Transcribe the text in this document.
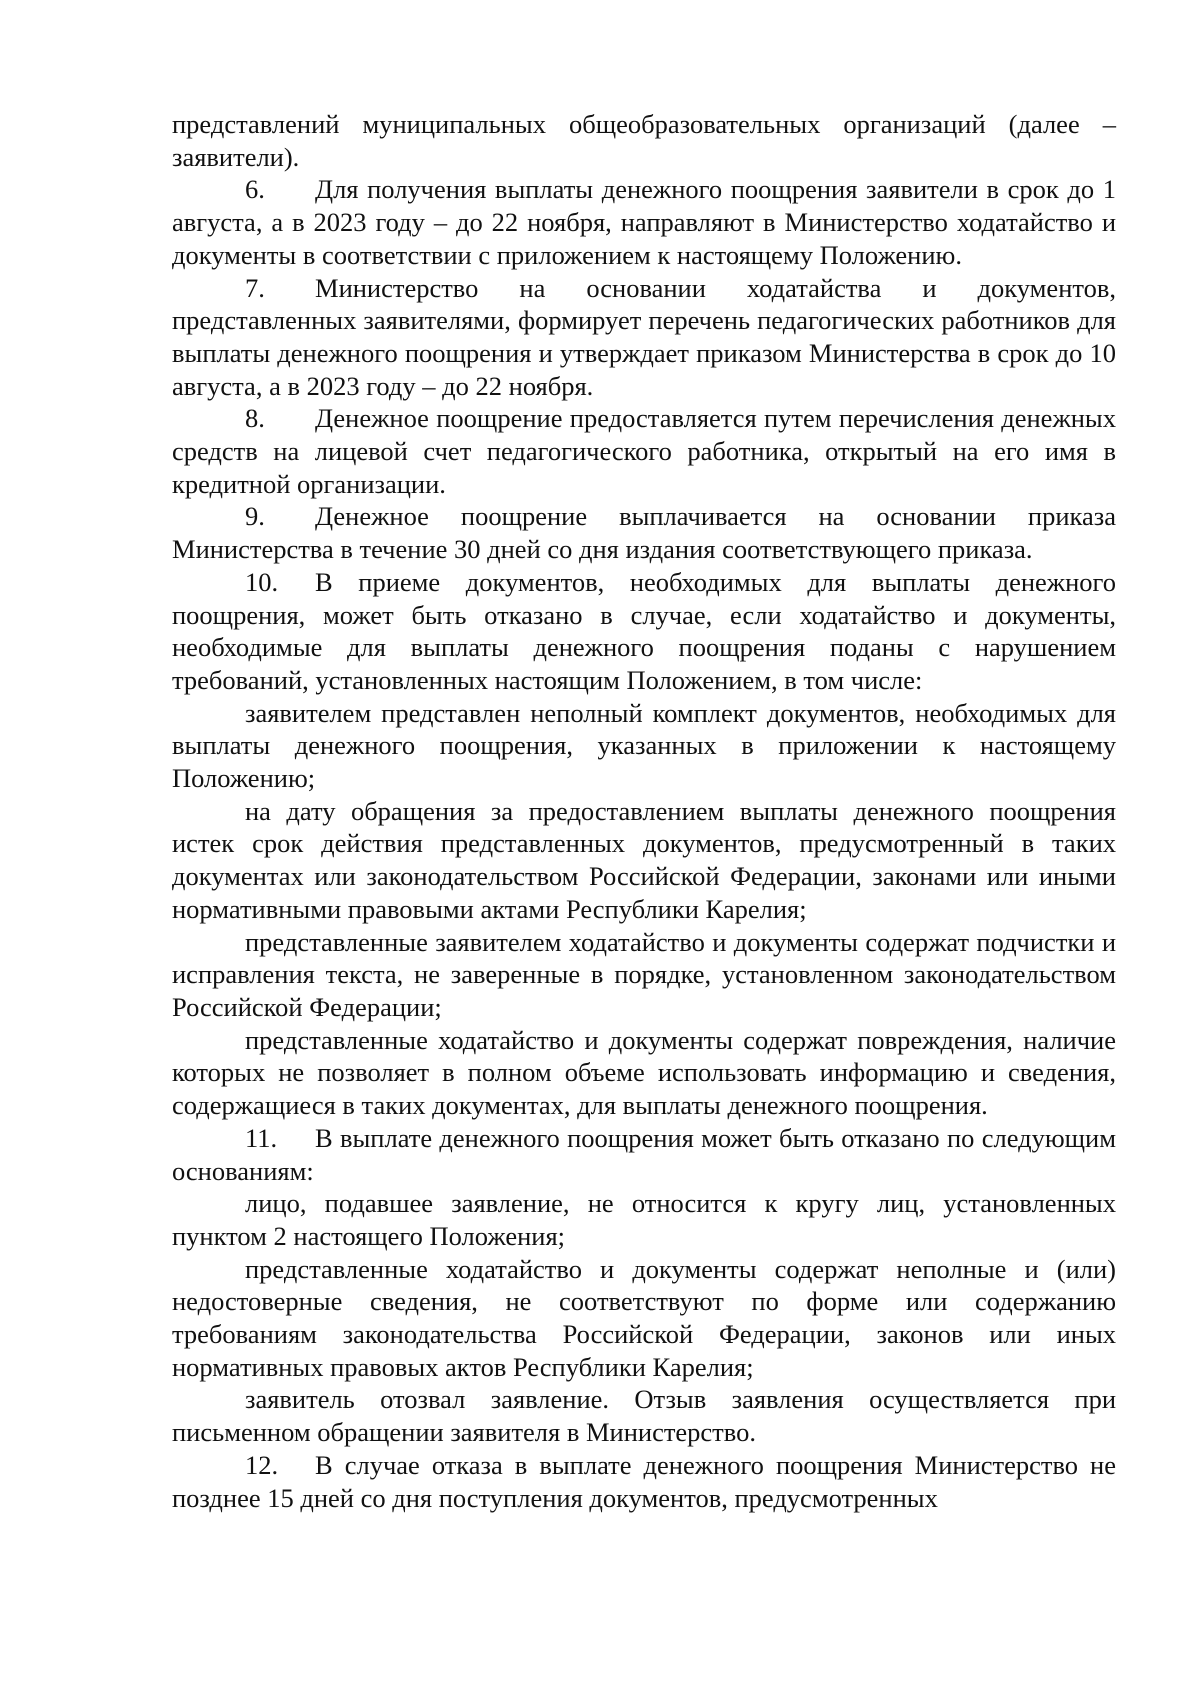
представлений муниципальных общеобразовательных организаций (далее – заявители).

6. Для получения выплаты денежного поощрения заявители в срок до 1 августа, а в 2023 году – до 22 ноября, направляют в Министерство ходатайство и документы в соответствии с приложением к настоящему Положению.

7. Министерство на основании ходатайства и документов, представленных заявителями, формирует перечень педагогических работников для выплаты денежного поощрения и утверждает приказом Министерства в срок до 10 августа, а в 2023 году – до 22 ноября.

8. Денежное поощрение предоставляется путем перечисления денежных средств на лицевой счет педагогического работника, открытый на его имя в кредитной организации.

9. Денежное поощрение выплачивается на основании приказа Министерства в течение 30 дней со дня издания соответствующего приказа.

10. В приеме документов, необходимых для выплаты денежного поощрения, может быть отказано в случае, если ходатайство и документы, необходимые для выплаты денежного поощрения поданы с нарушением требований, установленных настоящим Положением, в том числе:

заявителем представлен неполный комплект документов, необходимых для выплаты денежного поощрения, указанных в приложении к настоящему Положению;

на дату обращения за предоставлением выплаты денежного поощрения истек срок действия представленных документов, предусмотренный в таких документах или законодательством Российской Федерации, законами или иными нормативными правовыми актами Республики Карелия;

представленные заявителем ходатайство и документы содержат подчистки и исправления текста, не заверенные в порядке, установленном законодательством Российской Федерации;

представленные ходатайство и документы содержат повреждения, наличие которых не позволяет в полном объеме использовать информацию и сведения, содержащиеся в таких документах, для выплаты денежного поощрения.

11. В выплате денежного поощрения может быть отказано по следующим основаниям:

лицо, подавшее заявление, не относится к кругу лиц, установленных пунктом 2 настоящего Положения;

представленные ходатайство и документы содержат неполные и (или) недостоверные сведения, не соответствуют по форме или содержанию требованиям законодательства Российской Федерации, законов или иных нормативных правовых актов Республики Карелия;

заявитель отозвал заявление. Отзыв заявления осуществляется при письменном обращении заявителя в Министерство.

12. В случае отказа в выплате денежного поощрения Министерство не позднее 15 дней со дня поступления документов, предусмотренных
